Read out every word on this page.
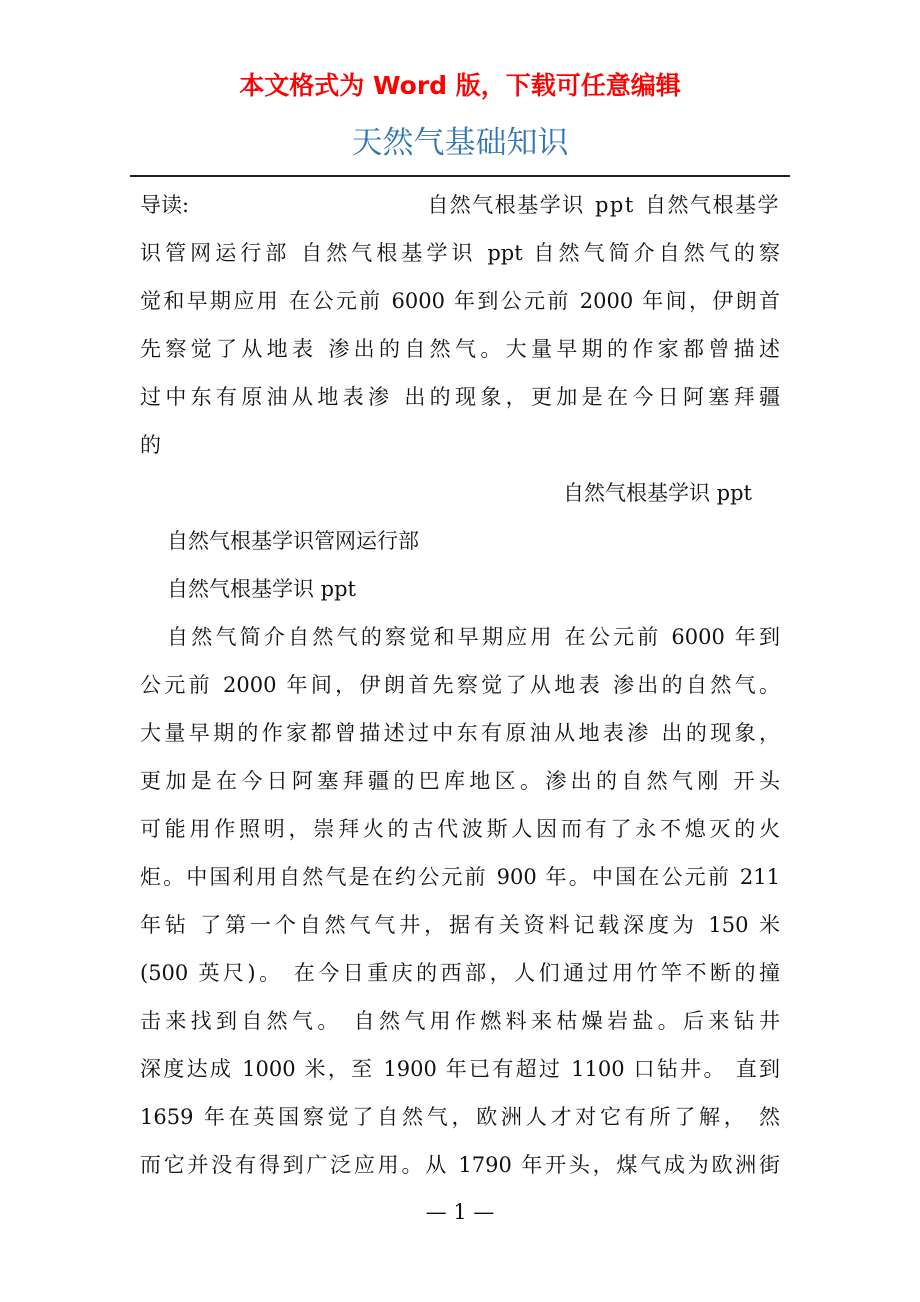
本文格式为 Word 版，下载可任意编辑
天然气基础知识
导读:	自然气根基学识 ppt 自然气根基学
识管网运行部 自然气根基学识 ppt 自然气简介自然气的察
觉和早期应用 在公元前 6000 年到公元前 2000 年间，伊朗首
先察觉了从地表 渗出的自然气。大量早期的作家都曾描述
过中东有原油从地表渗 出的现象，更加是在今日阿塞拜疆
的
自然气根基学识 ppt
自然气根基学识管网运行部
自然气根基学识 ppt
自然气简介自然气的察觉和早期应用 在公元前 6000 年到
公元前 2000 年间，伊朗首先察觉了从地表 渗出的自然气。
大量早期的作家都曾描述过中东有原油从地表渗 出的现象，
更加是在今日阿塞拜疆的巴库地区。渗出的自然气刚 开头
可能用作照明，崇拜火的古代波斯人因而有了永不熄灭的火
炬。中国利用自然气是在约公元前 900 年。中国在公元前 211
年钻 了第一个自然气气井，据有关资料记载深度为 150 米
(500 英尺)。 在今日重庆的西部，人们通过用竹竿不断的撞
击来找到自然气。 自然气用作燃料来枯燥岩盐。后来钻井
深度达成 1000 米，至 1900 年已有超过 1100 口钻井。 直到
1659 年在英国察觉了自然气，欧洲人才对它有所了解， 然
而它并没有得到广泛应用。从 1790 年开头，煤气成为欧洲街
— 1 —
